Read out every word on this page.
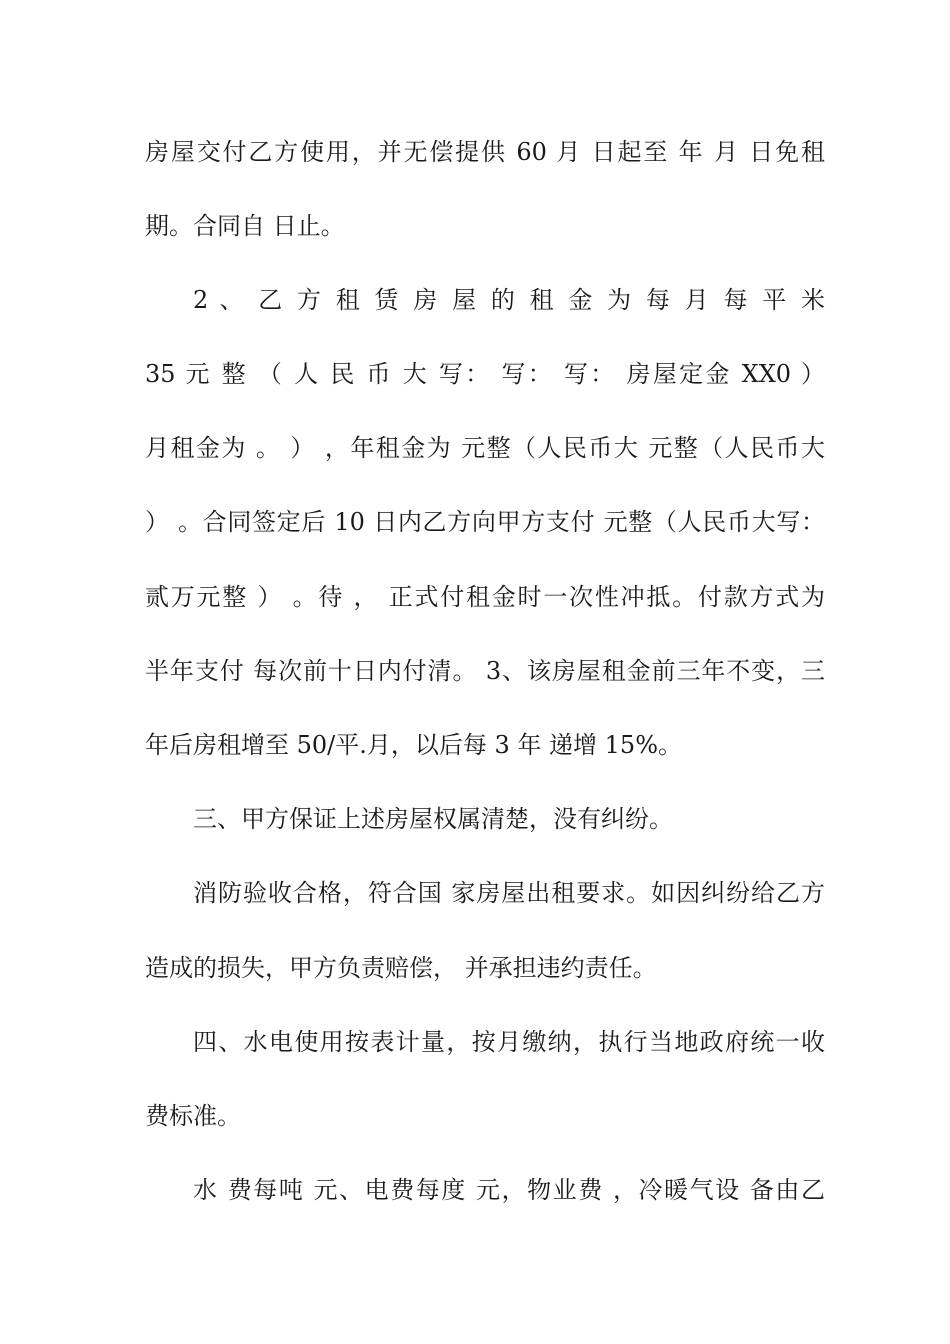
房屋交付乙方使用，并无偿提供 60 月 日起至 年 月 日免租
期。合同自 日止。
2 、 乙 方 租 赁 房 屋 的 租 金 为 每 月 每 平 米
35 元 整 （ 人 民 币 大 写： 写： 写： 房屋定金 XX0 ）
月租金为 。 ） ，年租金为 元整（人民币大 元整（人民币大
） 。合同签定后 10 日内乙方向甲方支付 元整（人民币大写：
贰万元整 ） 。待 ， 正式付租金时一次性冲抵。付款方式为
半年支付 每次前十日内付清。 3、该房屋租金前三年不变，三
年后房租增至 50/平.月，以后每 3 年 递增 15%。
三、甲方保证上述房屋权属清楚，没有纠纷。
消防验收合格，符合国 家房屋出租要求。如因纠纷给乙方
造成的损失，甲方负责赔偿， 并承担违约责任。
四、水电使用按表计量，按月缴纳，执行当地政府统一收
费标准。
水 费每吨 元、电费每度 元，物业费 ，冷暖气设 备由乙
